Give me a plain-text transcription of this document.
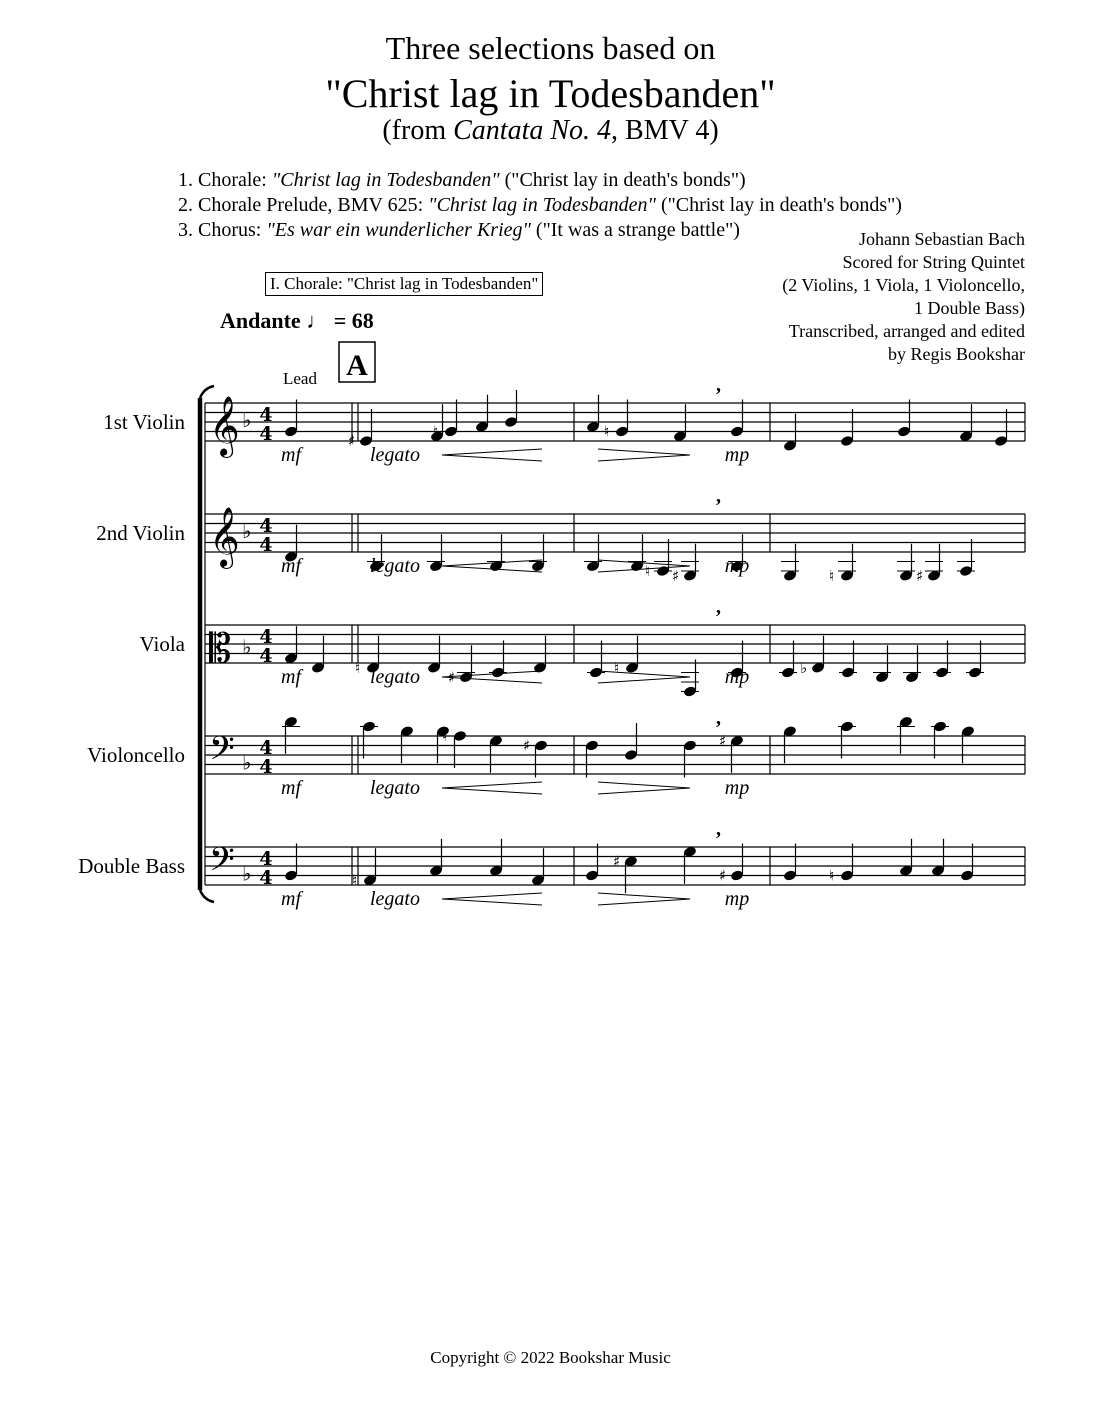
Three selections based on
"Christ lag in Todesbanden"
(from Cantata No. 4, BMV 4)
1. Chorale: "Christ lag in Todesbanden" ("Christ lay in death's bonds")
2. Chorale Prelude, BMV 625: "Christ lag in Todesbanden" ("Christ lay in death's bonds")
3. Chorus: "Es war ein wunderlicher Krieg" ("It was a strange battle")	Johann Sebastian Bach
Scored for String Quintet
(2 Violins, 1 Viola, 1 Violoncello,
1 Double Bass)
Transcribed, arranged and edited
by Regis Bookshar
I. Chorale: "Christ lag in Todesbanden"
Andante ♩ = 68
A
Lead
1st Violin 𝄞 ♭ 4
4	♯
♮	♮
,
mf	legato	mp
2nd Violin 𝄞 ♭ 4
4
♮ ♯	♮	♯
,
mf	legato	mp
Viola 𝄡 ♭ 4
4
♮
♯
♮	♭
,
mf	legato	mp
Violoncello 𝄢 ♭
4
4
♮
♯	♯
,
mf	legato	mp
Double Bass 𝄢 ♭
4
4	♮
♯
♯	♮
,
mf	legato	mp
Copyright © 2022 Bookshar Music
